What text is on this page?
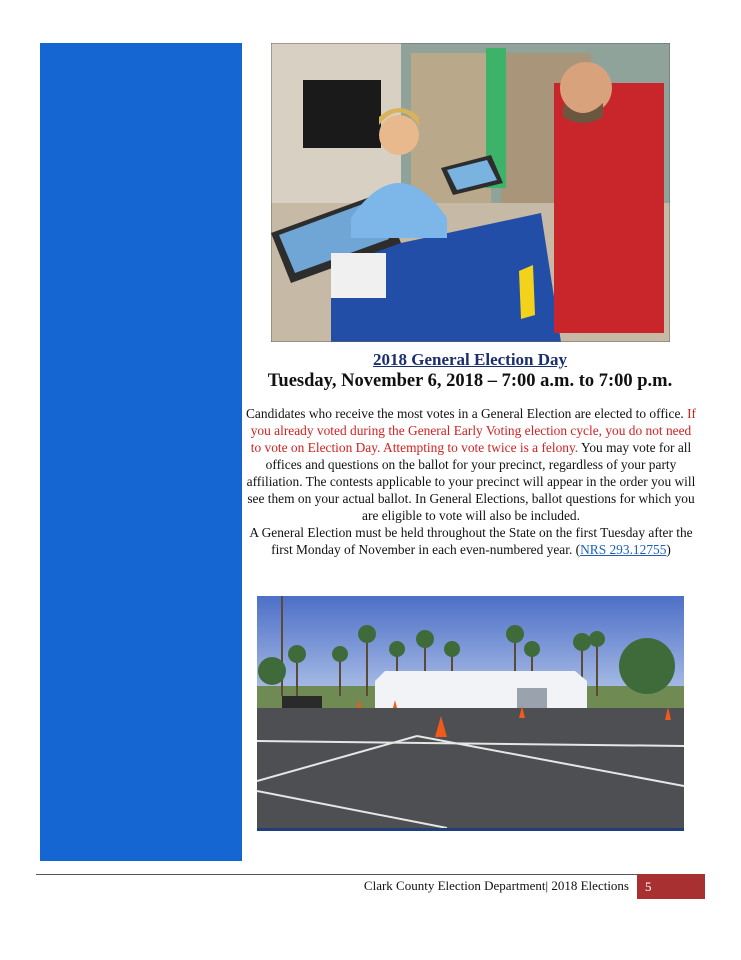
2018 General Election Day
Tuesday, November 6, 2018 – 7:00 a.m. to 7:00 p.m.
Candidates who receive the most votes in a General Election are elected to office. If you already voted during the General Early Voting election cycle, you do not need to vote on Election Day. Attempting to vote twice is a felony. You may vote for all offices and questions on the ballot for your precinct, regardless of your party affiliation. The contests applicable to your precinct will appear in the order you will see them on your actual ballot. In General Elections, ballot questions for which you are eligible to vote will also be included.
A General Election must be held throughout the State on the first Tuesday after the first Monday of November in each even-numbered year. (NRS 293.12755)
Clark County Election Department| 2018 Elections	5
